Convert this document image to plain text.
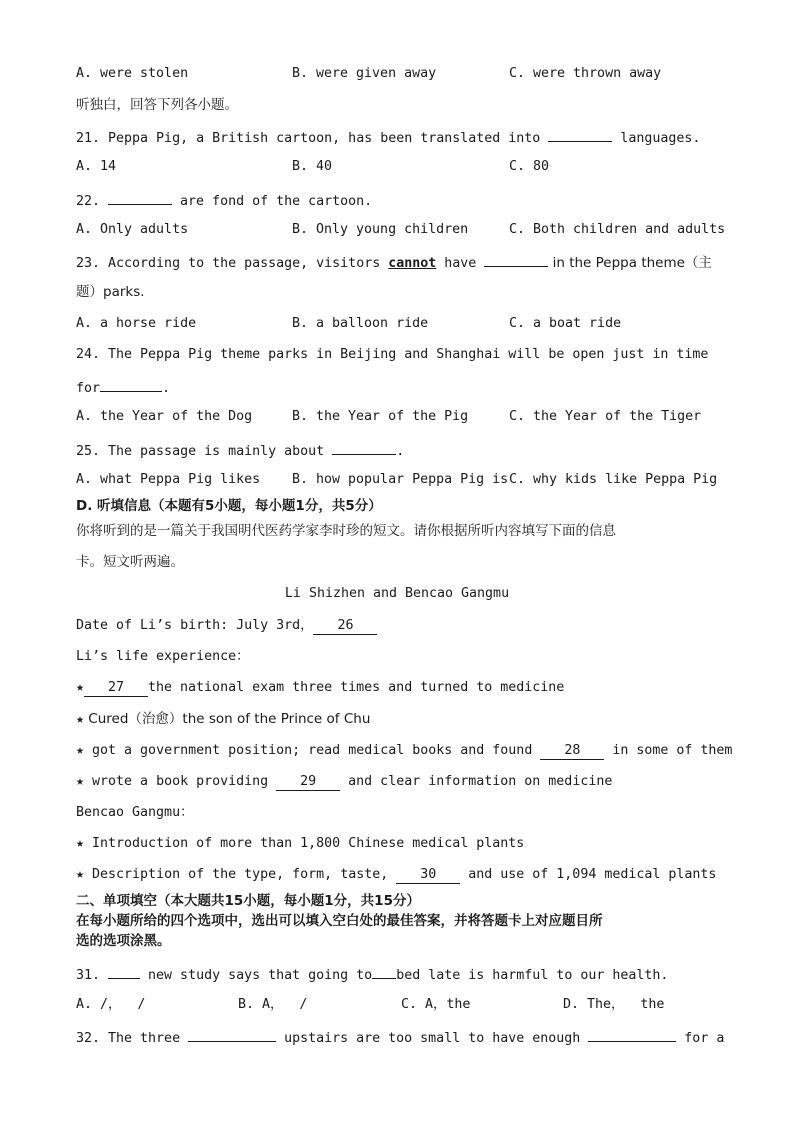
A. were stolen	B. were given away	C. were thrown away
听独白，回答下列各小题。
21. Peppa Pig, a British cartoon, has been translated into	languages.
A. 14	B. 40	C. 80
22.	are fond of the cartoon.
A. Only adults	B. Only young children	C. Both children and adults
23. According to the passage, visitors cannot have	in the Peppa theme（主
题）parks.
A. a horse ride	B. a balloon ride	C. a boat ride
24. The Peppa Pig theme parks in Beijing and Shanghai will be open just in time
for	.
A. the Year of the Dog	B. the Year of the Pig	C. the Year of the Tiger
25. The passage is mainly about	.
A. what Peppa Pig likes B. how popular Peppa Pig is C. why kids like Peppa Pig
D. 听填信息（本题有5小题，每小题1分，共5分）
你将听到的是一篇关于我国明代医药学家李时珍的短文。请你根据所听内容填写下面的信息
卡。短文听两遍。
Li Shizhen and Bencao Gangmu
Date of Li’s birth: July 3rd， 26
Li’s life experience：
★ 27 the national exam three times and turned to medicine
★ Cured（治愈）the son of the Prince of Chu
★ got a government position; read medical books and found 28 in some of them
★ wrote a book providing 29 and clear information on medicine
Bencao Gangmu：
★ Introduction of more than 1,800 Chinese medical plants
★ Description of the type, form, taste, 30 and use of 1,094 medical plants
二、单项填空（本大题共15小题，每小题1分，共15分）
在每小题所给的四个选项中，选出可以填入空白处的最佳答案，并将答题卡上对应题目所
选的选项涂黑。
31.  new study says that going to bed late is harmful to our health.
A. /，  /	B. A，  /	C. A，the	D. The，  the
32. The three	upstairs are too small to have enough	for a
